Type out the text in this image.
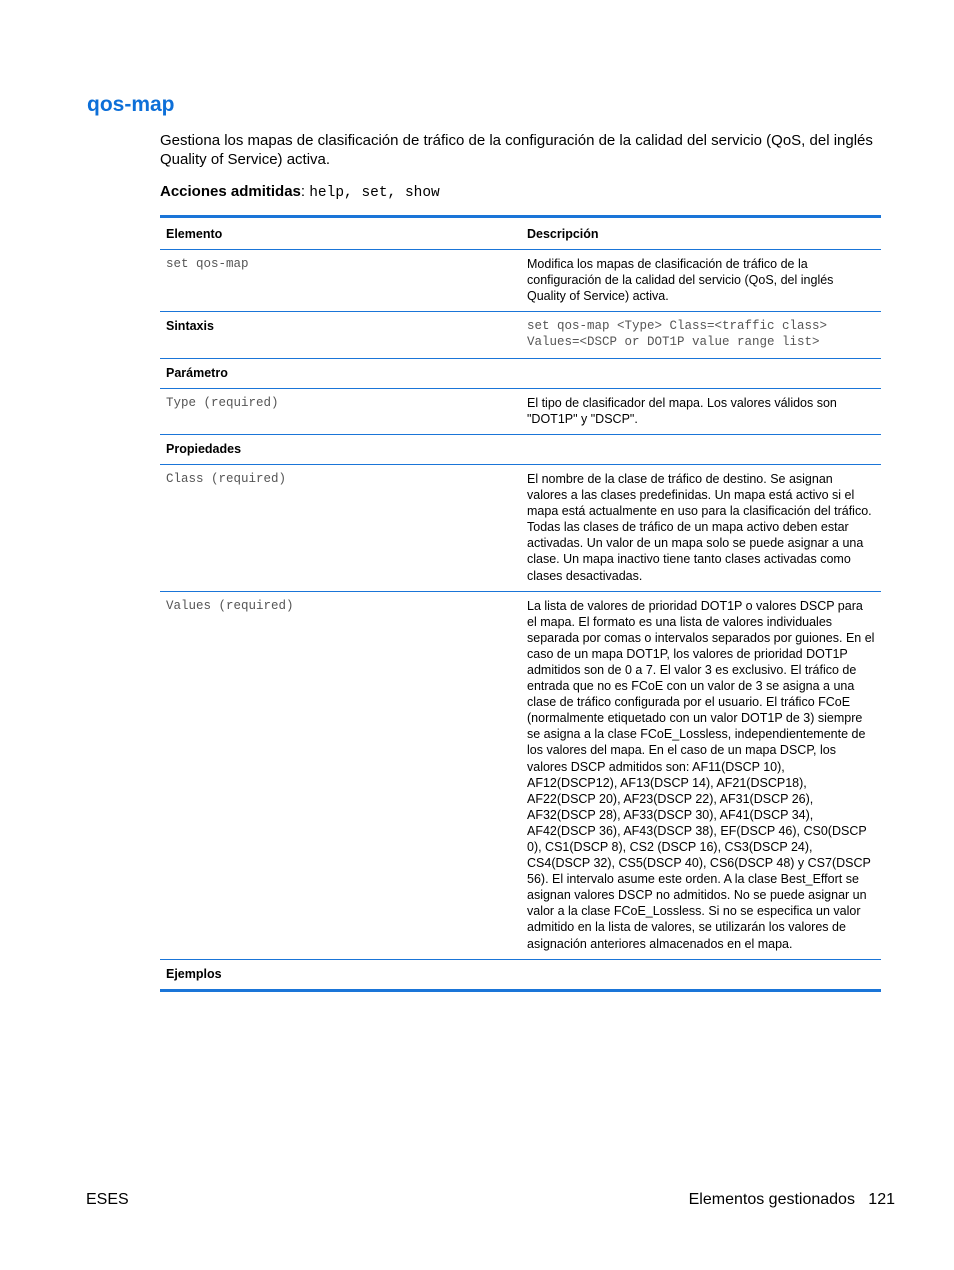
qos-map

Gestiona los mapas de clasificación de tráfico de la configuración de la calidad del servicio (QoS, del inglés Quality of Service) activa.

Acciones admitidas: help, set, show

Elemento	Descripción
set qos-map	Modifica los mapas de clasificación de tráfico de la configuración de la calidad del servicio (QoS, del inglés Quality of Service) activa.
Sintaxis	set qos-map <Type> Class=<traffic class>
Values=<DSCP or DOT1P value range list>

Parámetro	
Type (required)	El tipo de clasificador del mapa. Los valores válidos son "DOT1P" y "DSCP".
Propiedades	
Class (required)	El nombre de la clase de tráfico de destino. Se asignan valores a las clases predefinidas. Un mapa está activo si el mapa está actualmente en uso para la clasificación del tráfico. Todas las clases de tráfico de un mapa activo deben estar activadas. Un valor de un mapa solo se puede asignar a una clase. Un mapa inactivo tiene tanto clases activadas como clases desactivadas.
Values (required)	La lista de valores de prioridad DOT1P o valores DSCP para el mapa. El formato es una lista de valores individuales separada por comas o intervalos separados por guiones. En el caso de un mapa DOT1P, los valores de prioridad DOT1P admitidos son de 0 a 7. El valor 3 es exclusivo. El tráfico de entrada que no es FCoE con un valor de 3 se asigna a una clase de tráfico configurada por el usuario. El tráfico FCoE (normalmente etiquetado con un valor DOT1P de 3) siempre se asigna a la clase FCoE_Lossless, independientemente de los valores del mapa. En el caso de un mapa DSCP, los valores DSCP admitidos son: AF11(DSCP 10), AF12(DSCP12), AF13(DSCP 14), AF21(DSCP18), AF22(DSCP 20), AF23(DSCP 22), AF31(DSCP 26), AF32(DSCP 28), AF33(DSCP 30), AF41(DSCP 34), AF42(DSCP 36), AF43(DSCP 38), EF(DSCP 46), CS0(DSCP 0), CS1(DSCP 8), CS2 (DSCP 16), CS3(DSCP 24), CS4(DSCP 32), CS5(DSCP 40), CS6(DSCP 48) y CS7(DSCP 56). El intervalo asume este orden. A la clase Best_Effort se asignan valores DSCP no admitidos. No se puede asignar un valor a la clase FCoE_Lossless. Si no se especifica un valor admitido en la lista de valores, se utilizarán los valores de asignación anteriores almacenados en el mapa.
Ejemplos	
ESES	Elementos gestionados 121
